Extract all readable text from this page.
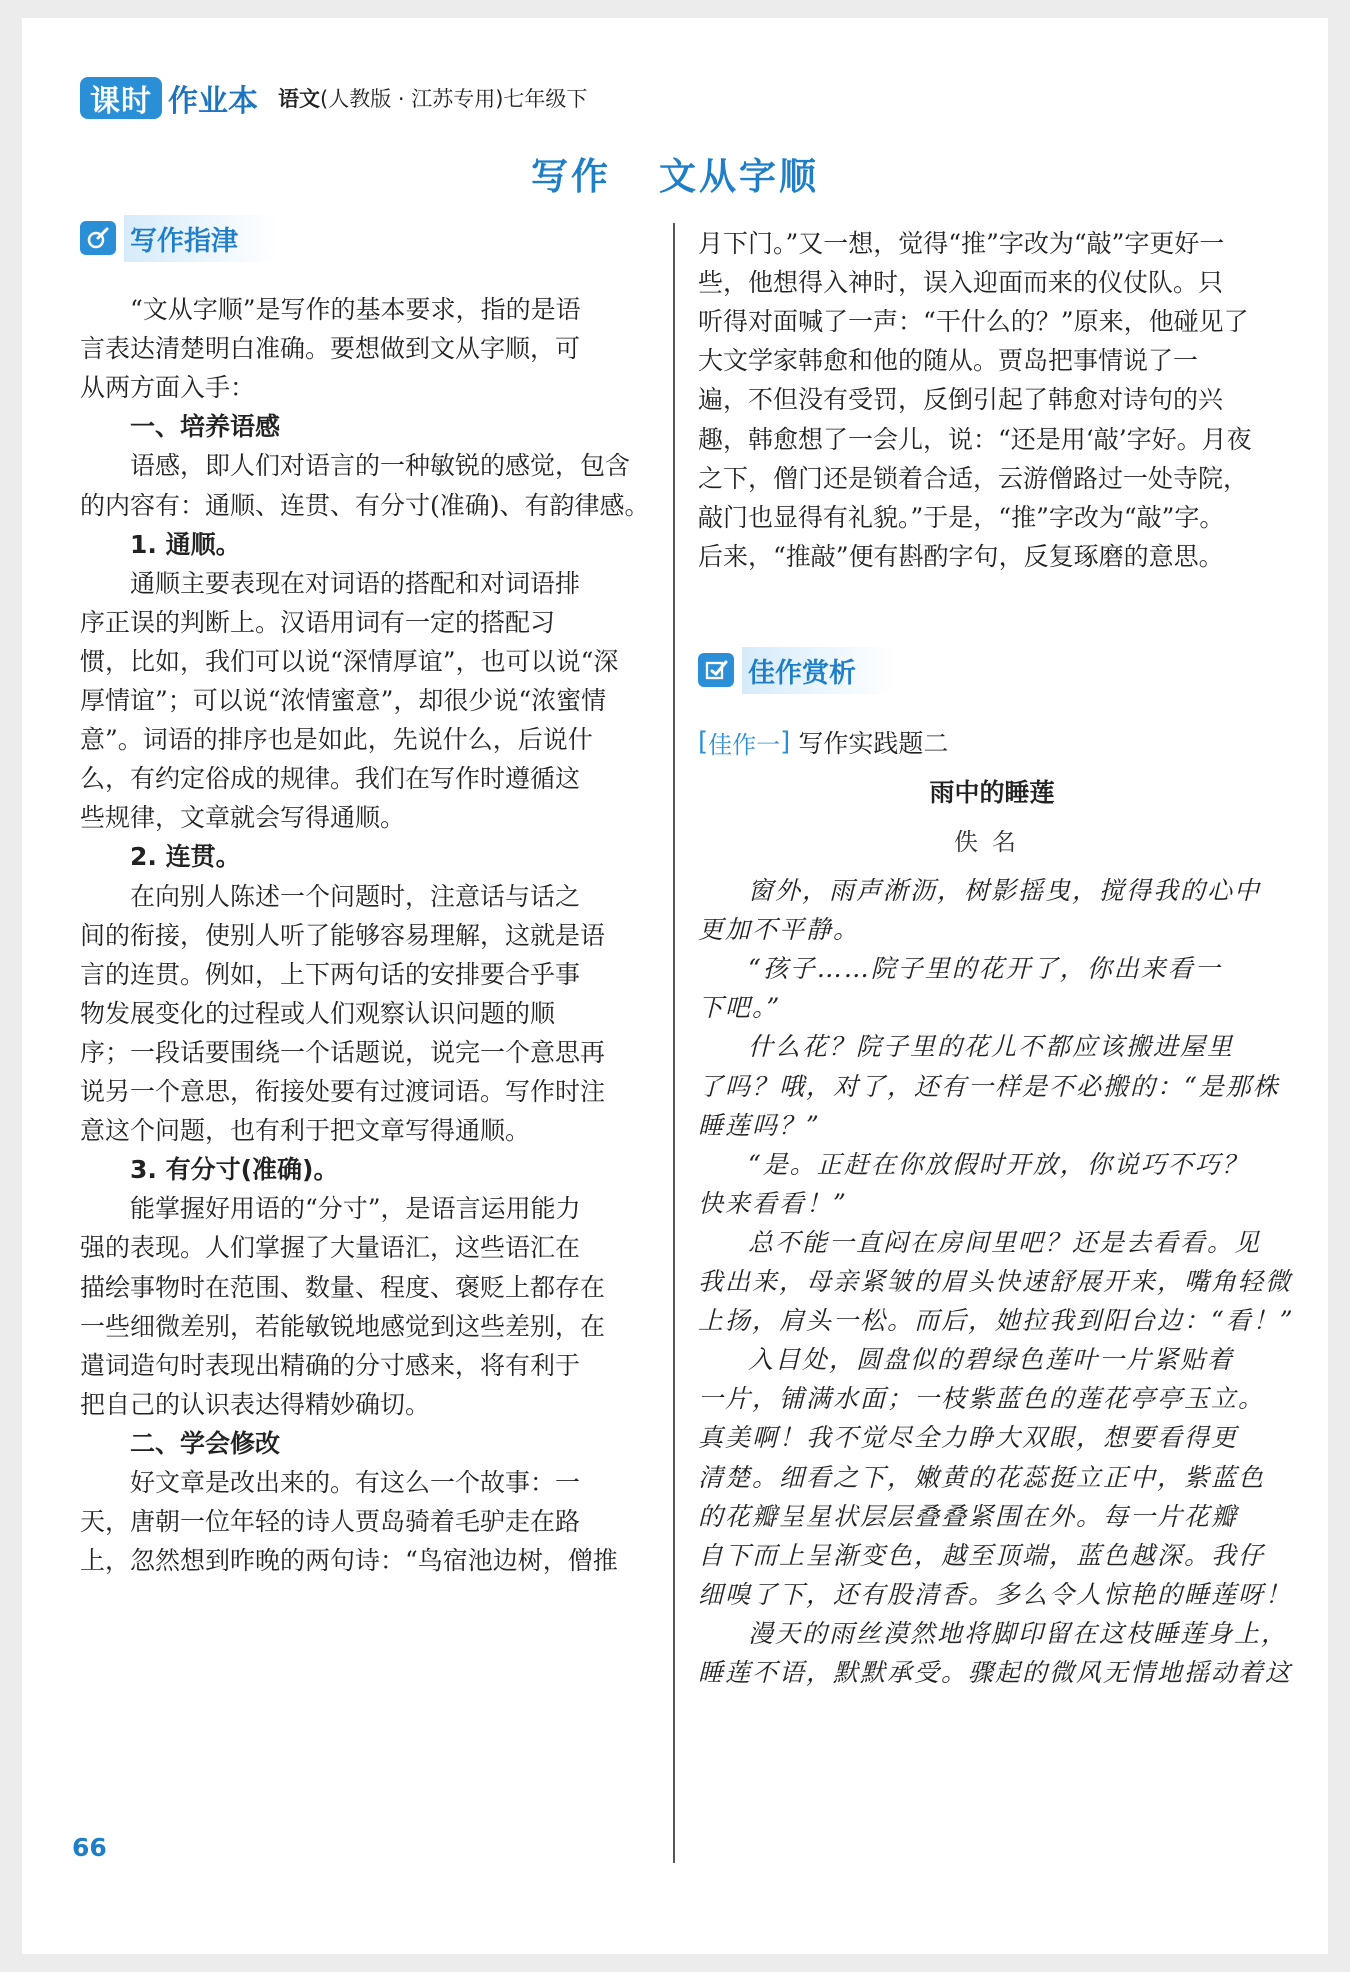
课时 作业本 语文(人教版 · 江苏专用)七年级下
写作 文从字顺
写作指津
“文从字顺”是写作的基本要求，指的是语
言表达清楚明白准确。要想做到文从字顺，可
从两方面入手：
一、培养语感
语感，即人们对语言的一种敏锐的感觉，包含
的内容有：通顺、连贯、有分寸(准确)、有韵律感。
1. 通顺。
通顺主要表现在对词语的搭配和对词语排
序正误的判断上。汉语用词有一定的搭配习
惯，比如，我们可以说“深情厚谊”，也可以说“深
厚情谊”；可以说“浓情蜜意”，却很少说“浓蜜情
意”。词语的排序也是如此，先说什么，后说什
么，有约定俗成的规律。我们在写作时遵循这
些规律，文章就会写得通顺。
2. 连贯。
在向别人陈述一个问题时，注意话与话之
间的衔接，使别人听了能够容易理解，这就是语
言的连贯。例如，上下两句话的安排要合乎事
物发展变化的过程或人们观察认识问题的顺
序；一段话要围绕一个话题说，说完一个意思再
说另一个意思，衔接处要有过渡词语。写作时注
意这个问题，也有利于把文章写得通顺。
3. 有分寸(准确)。
能掌握好用语的“分寸”，是语言运用能力
强的表现。人们掌握了大量语汇，这些语汇在
描绘事物时在范围、数量、程度、褒贬上都存在
一些细微差别，若能敏锐地感觉到这些差别，在
遣词造句时表现出精确的分寸感来，将有利于
把自己的认识表达得精妙确切。
二、学会修改
好文章是改出来的。有这么一个故事：一
天，唐朝一位年轻的诗人贾岛骑着毛驴走在路
上，忽然想到昨晚的两句诗：“鸟宿池边树，僧推
月下门。”又一想，觉得“推”字改为“敲”字更好一
些，他想得入神时，误入迎面而来的仪仗队。只
听得对面喊了一声：“干什么的？”原来，他碰见了
大文学家韩愈和他的随从。贾岛把事情说了一
遍，不但没有受罚，反倒引起了韩愈对诗句的兴
趣，韩愈想了一会儿，说：“还是用‘敲’字好。月夜
之下，僧门还是锁着合适，云游僧路过一处寺院，
敲门也显得有礼貌。”于是，“推”字改为“敲”字。
后来，“推敲”便有斟酌字句，反复琢磨的意思。
佳作赏析
[ 佳作一 ] 写作实践题二
雨中的睡莲
佚名
窗外，雨声淅沥，树影摇曳，搅得我的心中
更加不平静。
“孩子……院子里的花开了，你出来看一
下吧。”
什么花？院子里的花儿不都应该搬进屋里
了吗？哦，对了，还有一样是不必搬的：“是那株
睡莲吗？”
“是。正赶在你放假时开放，你说巧不巧？
快来看看！”
总不能一直闷在房间里吧？还是去看看。见
我出来，母亲紧皱的眉头快速舒展开来，嘴角轻微
上扬，肩头一松。而后，她拉我到阳台边：“看！”
入目处，圆盘似的碧绿色莲叶一片紧贴着
一片，铺满水面；一枝紫蓝色的莲花亭亭玉立。
真美啊！我不觉尽全力睁大双眼，想要看得更
清楚。细看之下，嫩黄的花蕊挺立正中，紫蓝色
的花瓣呈星状层层叠叠紧围在外。每一片花瓣
自下而上呈渐变色，越至顶端，蓝色越深。我仔
细嗅了下，还有股清香。多么令人惊艳的睡莲呀！
漫天的雨丝漠然地将脚印留在这枝睡莲身上，
睡莲不语，默默承受。骤起的微风无情地摇动着这
66
